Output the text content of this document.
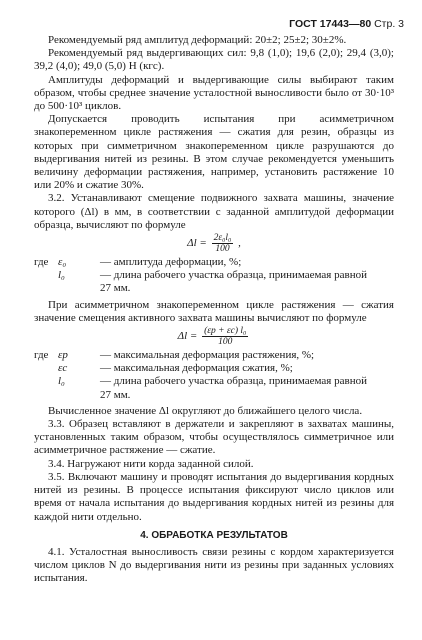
ГОСТ 17443—80 Стр. 3

Рекомендуемый ряд амплитуд деформаций: 20±2; 25±2; 30±2%.

Рекомендуемый ряд выдергивающих сил: 9,8 (1,0); 19,6 (2,0); 29,4 (3,0); 39,2 (4,0); 49,0 (5,0) Н (кгс).

Амплитуды деформаций и выдергивающие силы выбирают таким образом, чтобы среднее значение усталостной выносливости было от 30·10³ до 500·10³ циклов.

Допускается проводить испытания при асимметричном знакопеременном цикле растяжения — сжатия для резин, образцы из которых при симметричном знакопеременном цикле разрушаются до выдергивания нитей из резины. В этом случае рекомендуется уменьшить величину деформации растяжения, например, установить растяжение 10 или 20% и сжатие 30%.

3.2. Устанавливают смещение подвижного захвата машины, значение которого (Δl) в мм, в соответствии с заданной амплитудой деформации образца, вычисляют по формуле

$\Delta l = \frac{\text{2ε₀l₀}}{100}$ ,
где ε₀	— амплитуда деформации, %;
l₀	— длина рабочего участка образца, принимаемая равной
27 мм.

При асимметричном знакопеременном цикле растяжения — сжатия значение смещения активного захвата машины вычисляют по формуле

$\Delta l = \frac{\text{(εр + εс) l₀}}{100}$
где εр	— максимальная деформация растяжения, %;
εс	— максимальная деформация сжатия, %;
l₀	— длина рабочего участка образца, принимаемая равной
27 мм.

Вычисленное значение Δl округляют до ближайшего целого числа.

3.3. Образец вставляют в держатели и закрепляют в захватах машины, установленных таким образом, чтобы осуществлялось симметричное или асимметричное растяжение — сжатие.

3.4. Нагружают нити корда заданной силой.

3.5. Включают машину и проводят испытания до выдергивания кордных нитей из резины. В процессе испытания фиксируют число циклов или время от начала испытания до выдергивания кордных нитей из резины для каждой нити отдельно.

4. ОБРАБОТКА РЕЗУЛЬТАТОВ

4.1. Усталостная выносливость связи резины с кордом характеризуется числом циклов N до выдергивания нити из резины при заданных условиях испытания.
